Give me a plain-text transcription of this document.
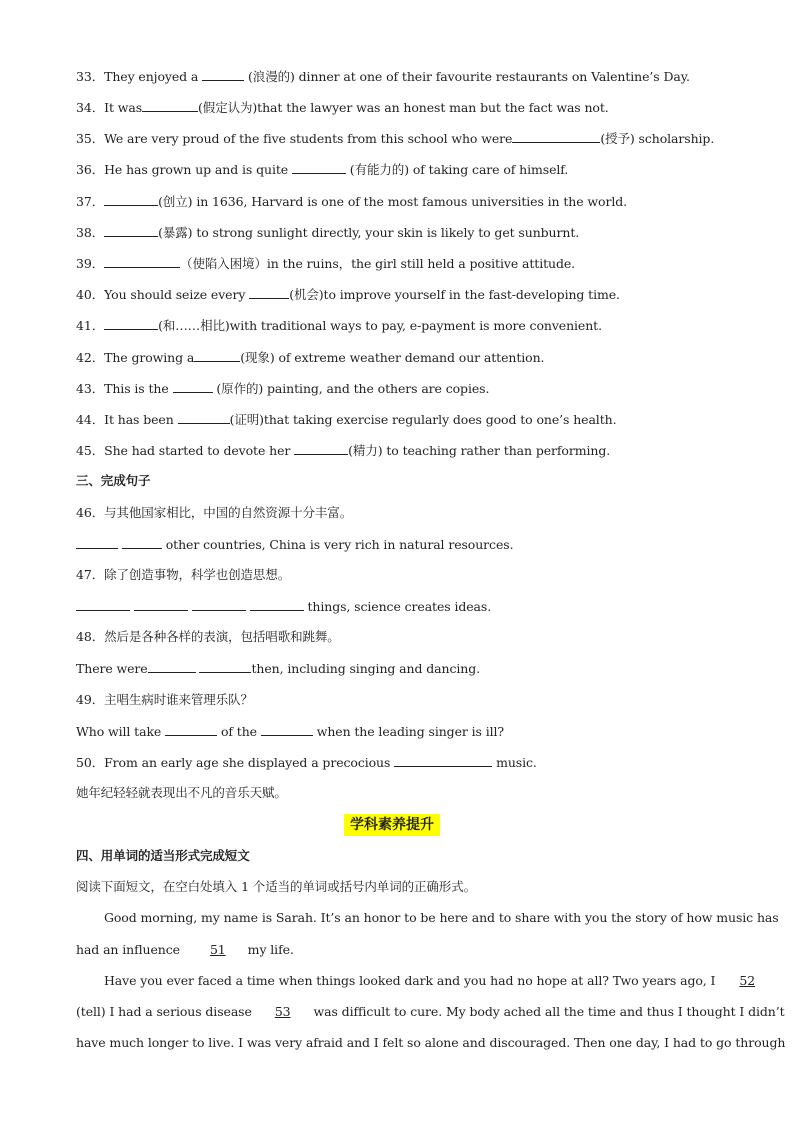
33．They enjoyed a	(浪漫的) dinner at one of their favourite restaurants on Valentine’s Day.
34．It was	(假定认为)that the lawyer was an honest man but the fact was not.
35．We are very proud of the five students from this school who were	(授予) scholarship.
36．He has grown up and is quite	(有能力的) of taking care of himself.
37．	(创立) in 1636, Harvard is one of the most famous universities in the world.
38．	(暴露) to strong sunlight directly, your skin is likely to get sunburnt.
39．	（使陷入困境）in the ruins，the girl still held a positive attitude.
40．You should seize every	(机会)to improve yourself in the fast-developing time.
41．	(和……相比)with traditional ways to pay, e-payment is more convenient.
42．The growing a	(现象) of extreme weather demand our attention.
43．This is the	(原作的) painting, and the others are copies.
44．It has been	(证明)that taking exercise regularly does good to one’s health.
45．She had started to devote her	(精力) to teaching rather than performing.
三、完成句子
46．与其他国家相比，中国的自然资源十分丰富。
other countries, China is very rich in natural resources.
47．除了创造事物，科学也创造思想。
things, science creates ideas.
48．然后是各种各样的表演，包括唱歌和跳舞。
There were	then, including singing and dancing.
49．主唱生病时谁来管理乐队？
Who will take	of the	when the leading singer is ill?
50．From an early age she displayed a precocious	music.
她年纪轻轻就表现出不凡的音乐天赋。
学科素养提升
四、用单词的适当形式完成短文
阅读下面短文，在空白处填入 1 个适当的单词或括号内单词的正确形式。
Good morning, my name is Sarah. It’s an honor to be here and to share with you the story of how music has
had an influence 51 my life.
Have you ever faced a time when things looked dark and you had no hope at all? Two years ago, I 52
(tell) I had a serious disease 53 was difficult to cure. My body ached all the time and thus I thought I didn’t
have much longer to live. I was very afraid and I felt so alone and discouraged. Then one day, I had to go through
